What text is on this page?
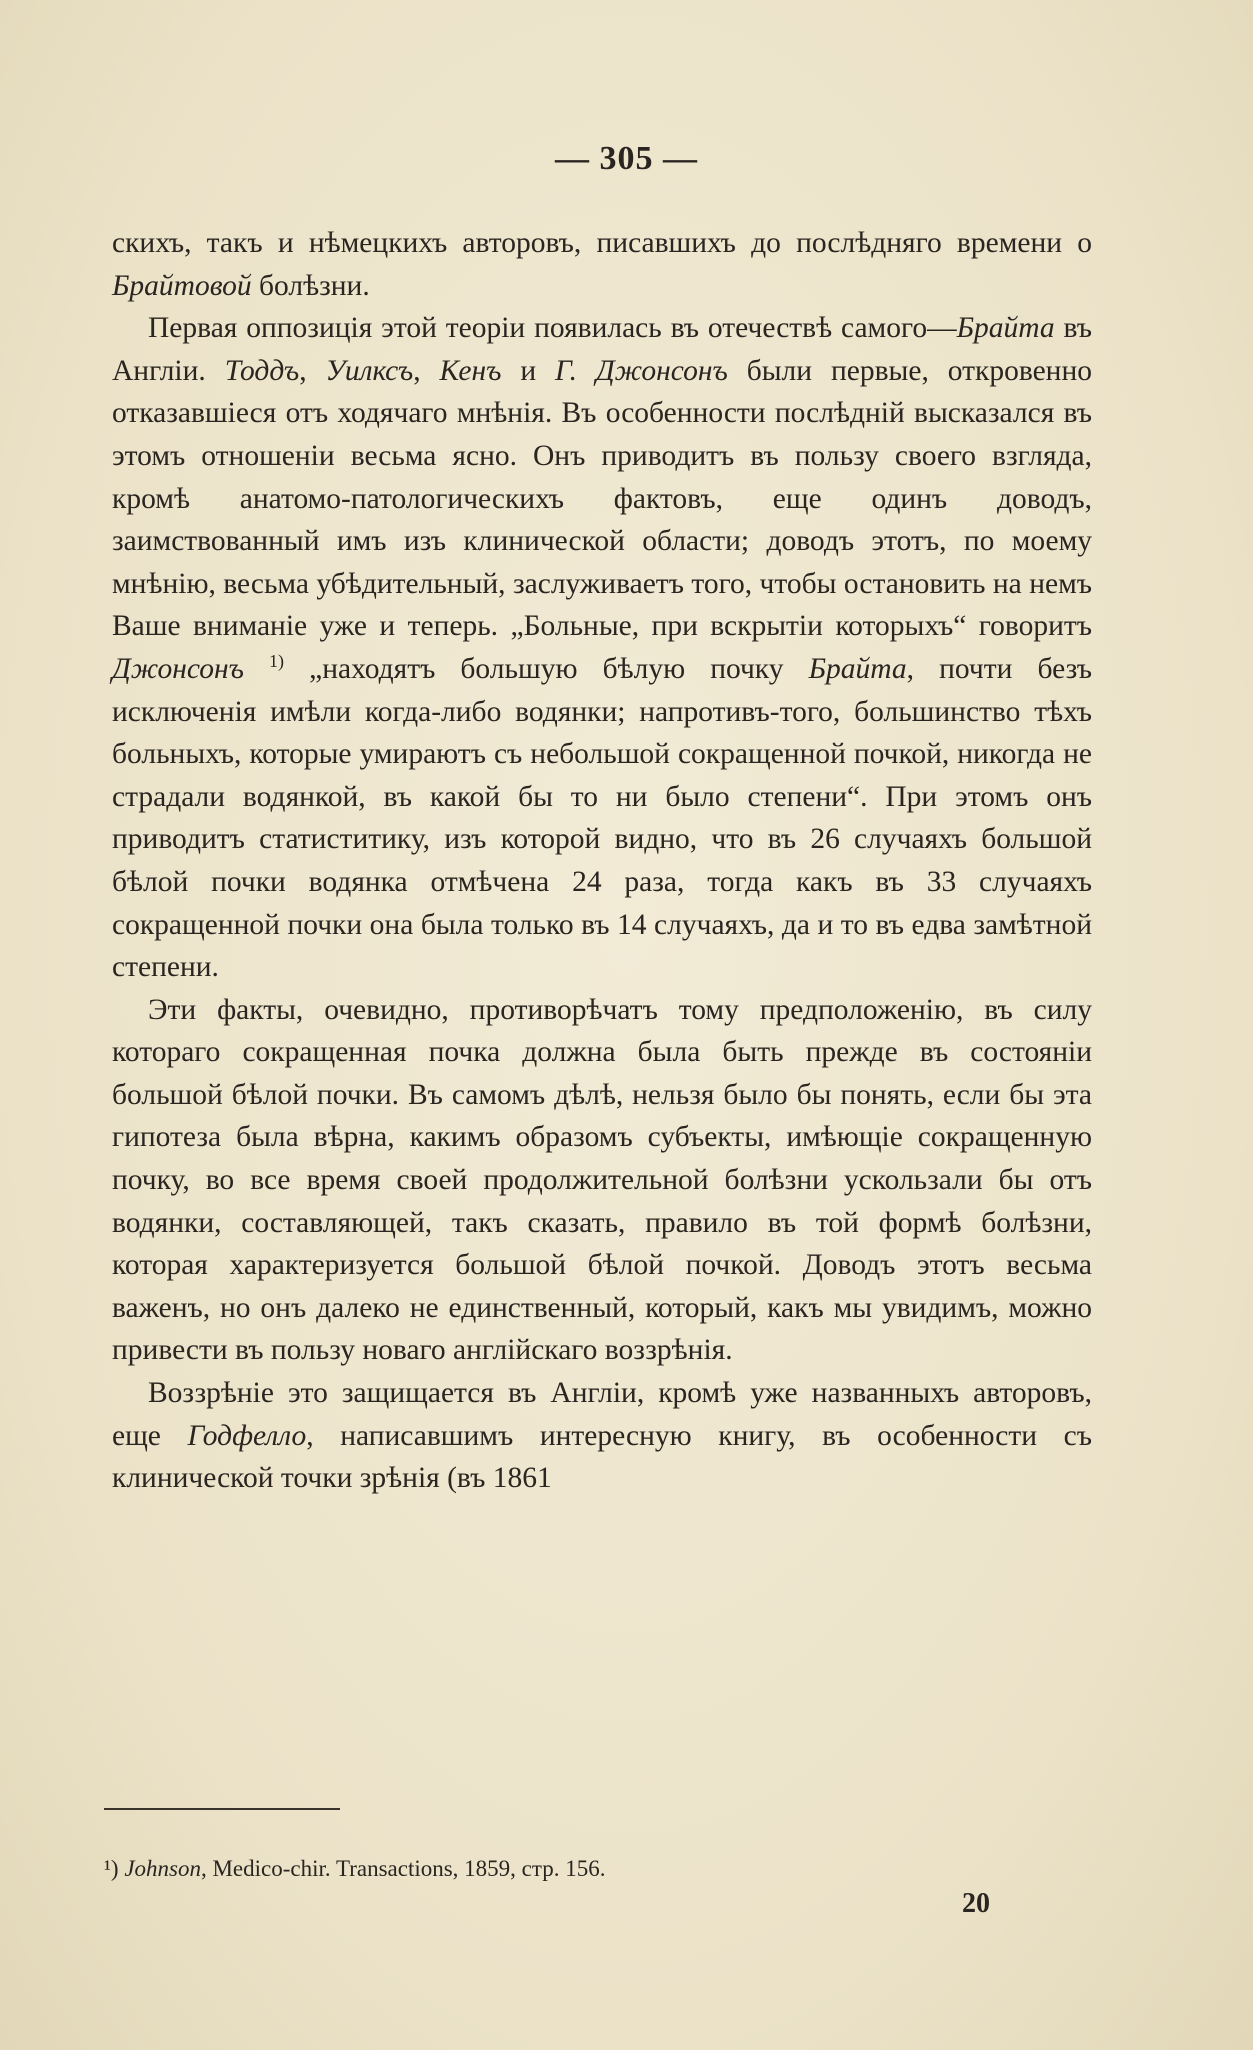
— 305 —

скихъ, такъ и нѣмецкихъ авторовъ, писавшихъ до послѣдняго времени о Брайтовой болѣзни.

Первая оппозиція этой теоріи появилась въ отечествѣ самого—Брайта въ Англіи. Тоддъ, Уилксъ, Кенъ и Г. Джонсонъ были первые, откровенно отказавшіеся отъ ходячаго мнѣнія. Въ особенности послѣдній высказался въ этомъ отношеніи весьма ясно. Онъ приводитъ въ пользу своего взгляда, кромѣ анатомо-патологическихъ фактовъ, еще одинъ доводъ, заимствованный имъ изъ клинической области; доводъ этотъ, по моему мнѣнію, весьма убѣдительный, заслуживаетъ того, чтобы остановить на немъ Ваше вниманіе уже и теперь. „Больные, при вскрытіи которыхъ“ говоритъ Джонсонъ $^{1)}$ „находятъ большую бѣлую почку Брайта, почти безъ исключенія имѣли когда-либо водянки; напротивъ-того, большинство тѣхъ больныхъ, которые умираютъ съ небольшой сокращенной почкой, никогда не страдали водянкой, въ какой бы то ни было степени“. При этомъ онъ приводитъ статиститику, изъ которой видно, что въ 26 случаяхъ большой бѣлой почки водянка отмѣчена 24 раза, тогда какъ въ 33 случаяхъ сокращенной почки она была только въ 14 случаяхъ, да и то въ едва замѣтной степени.

Эти факты, очевидно, противорѣчатъ тому предположенію, въ силу котораго сокращенная почка должна была быть прежде въ состояніи большой бѣлой почки. Въ самомъ дѣлѣ, нельзя было бы понять, если бы эта гипотеза была вѣрна, какимъ образомъ субъекты, имѣющіе сокращенную почку, во все время своей продолжительной болѣзни ускользали бы отъ водянки, составляющей, такъ сказать, правило въ той формѣ болѣзни, которая характеризуется большой бѣлой почкой. Доводъ этотъ весьма важенъ, но онъ далеко не единственный, который, какъ мы увидимъ, можно привести въ пользу новаго англійскаго воззрѣнія.

Воззрѣніе это защищается въ Англіи, кромѣ уже названныхъ авторовъ, еще Годфелло, написавшимъ интересную книгу, въ особенности съ клинической точки зрѣнія (въ 1861

¹) Johnson, Medico-chir. Transactions, 1859, стр. 156.
20
